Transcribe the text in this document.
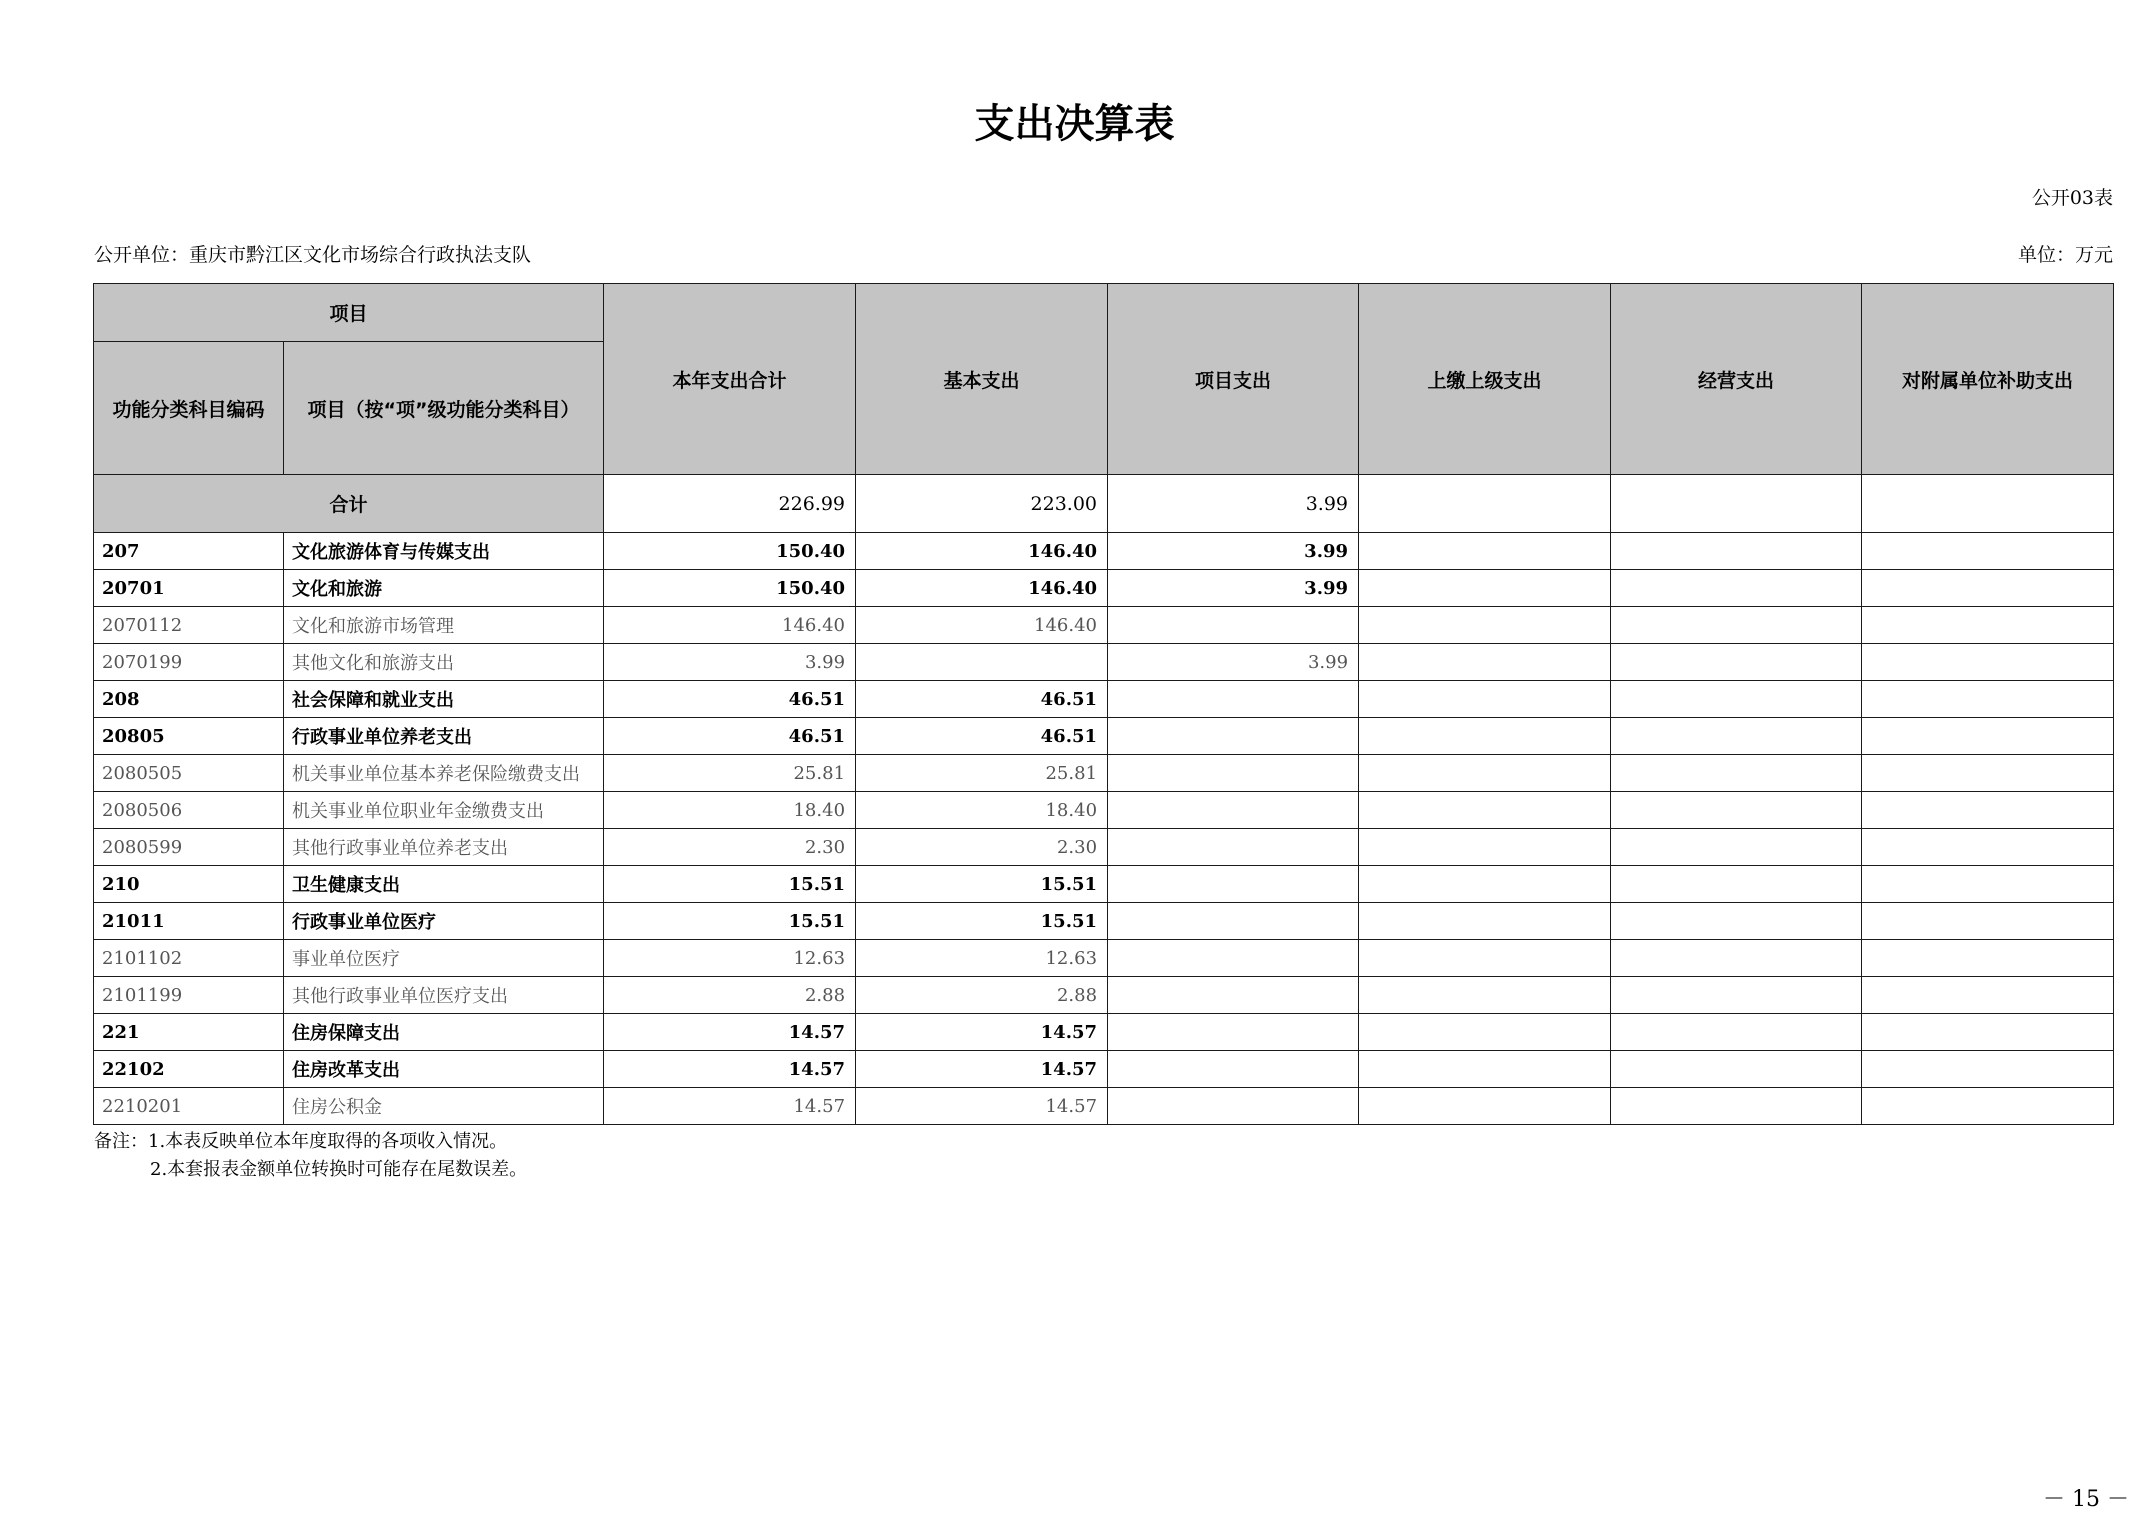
支出决算表
公开03表
公开单位：重庆市黔江区文化市场综合行政执法支队	单位：万元
项目		本年支出合计	基本支出	项目支出	上缴上级支出	经营支出	对附属单位补助支出
功能分类科目编码	项目（按“项”级功能分类科目）						
合计		226.99	223.00	3.99			
207	文化旅游体育与传媒支出	150.40	146.40	3.99			
20701	文化和旅游	150.40	146.40	3.99			
2070112	文化和旅游市场管理	146.40	146.40				
2070199	其他文化和旅游支出	3.99		3.99			
208	社会保障和就业支出	46.51	46.51				
20805	行政事业单位养老支出	46.51	46.51				
2080505	机关事业单位基本养老保险缴费支出	25.81	25.81				
2080506	机关事业单位职业年金缴费支出	18.40	18.40				
2080599	其他行政事业单位养老支出	2.30	2.30				
210	卫生健康支出	15.51	15.51				
21011	行政事业单位医疗	15.51	15.51				
2101102	事业单位医疗	12.63	12.63				
2101199	其他行政事业单位医疗支出	2.88	2.88				
221	住房保障支出	14.57	14.57				
22102	住房改革支出	14.57	14.57				
2210201	住房公积金	14.57	14.57				
备注：1.本表反映单位本年度取得的各项收入情况。
2.本套报表金额单位转换时可能存在尾数误差。
－ 15 －
